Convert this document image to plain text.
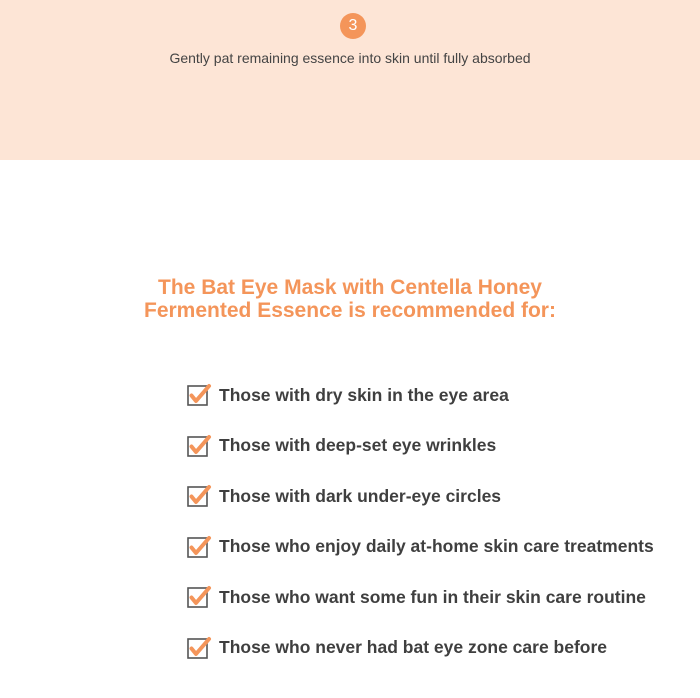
3
Gently pat remaining essence into skin until fully absorbed
The Bat Eye Mask with Centella Honey
Fermented Essence is recommended for:
Those with dry skin in the eye area
Those with deep-set eye wrinkles
Those with dark under-eye circles
Those who enjoy daily at-home skin care treatments
Those who want some fun in their skin care routine
Those who never had bat eye zone care before
